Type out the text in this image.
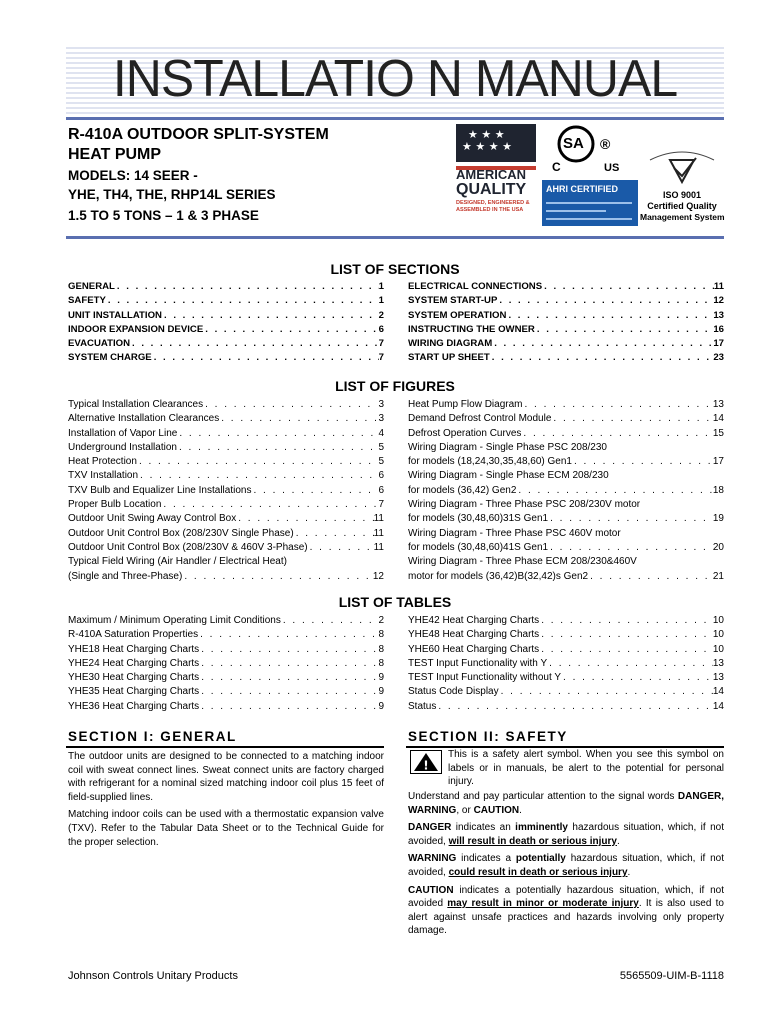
INSTALLATIO N MANUAL
R-410A OUTDOOR SPLIT-SYSTEM
HEAT PUMP
MODELS: 14 SEER -
YHE, TH4, THE, RHP14L SERIES
1.5 TO 5 TONS – 1 & 3 PHASE
★ ★ ★
★ ★ ★ ★
AMERICAN
QUALITY
DESIGNED, ENGINEERED &
ASSEMBLED IN THE USA
SA
C	US
®
AHRI CERTIFIED
ISO 9001
Certified Quality
Management System
LIST OF SECTIONS
GENERAL . . .	1
SAFETY . . .	1
UNIT INSTALLATION . . .	2
INDOOR EXPANSION DEVICE . . .	6
EVACUATION . . .	7
SYSTEM CHARGE . . .	7
ELECTRICAL CONNECTIONS . . .	11
SYSTEM START-UP . . .	12
SYSTEM OPERATION . . .	13
INSTRUCTING THE OWNER . . .	16
WIRING DIAGRAM . . .	17
START UP SHEET . . .	23
LIST OF FIGURES
Typical Installation Clearances . . .	3
Alternative Installation Clearances . . .	3
Installation of Vapor Line . . .	4
Underground Installation . . .	5
Heat Protection . . .	5
TXV Installation . . .	6
TXV Bulb and Equalizer Line Installations . . .	6
Proper Bulb Location . . .	7
Outdoor Unit Swing Away Control Box . . .	11
Outdoor Unit Control Box (208/230V Single Phase) . . .	11
Outdoor Unit Control Box (208/230V & 460V 3-Phase) . . .	11
Typical Field Wiring (Air Handler / Electrical Heat)
(Single and Three-Phase) . . .	12
Heat Pump Flow Diagram . . .	13
Demand Defrost Control Module . . .	14
Defrost Operation Curves . . .	15
Wiring Diagram - Single Phase PSC 208/230
for models (18,24,30,35,48,60) Gen1 . . .	17
Wiring Diagram - Single Phase ECM 208/230
for models (36,42) Gen2 . . .	18
Wiring Diagram - Three Phase PSC 208/230V motor
for models (30,48,60)31S Gen1 . . .	19
Wiring Diagram - Three Phase PSC 460V motor
for models (30,48,60)41S Gen1 . . .	20
Wiring Diagram - Three Phase ECM 208/230&460V
motor for models (36,42)B(32,42)s Gen2 . . .	21
LIST OF TABLES
Maximum / Minimum Operating Limit Conditions . . .	2
R-410A Saturation Properties . . .	8
YHE18 Heat Charging Charts . . .	8
YHE24 Heat Charging Charts . . .	8
YHE30 Heat Charging Charts . . .	9
YHE35 Heat Charging Charts . . .	9
YHE36 Heat Charging Charts . . .	9
YHE42 Heat Charging Charts . . .	10
YHE48 Heat Charging Charts . . .	10
YHE60 Heat Charging Charts . . .	10
TEST Input Functionality with Y . . .	13
TEST Input Functionality without Y . . .	13
Status Code Display . . .	14
Status . . .	14
SECTION I: GENERAL

The outdoor units are designed to be connected to a matching indoor coil with sweat connect lines. Sweat connect units are factory charged with refrigerant for a nominal sized matching indoor coil plus 15 feet of field-supplied lines.

Matching indoor coils can be used with a thermostatic expansion valve (TXV). Refer to the Tabular Data Sheet or to the Technical Guide for the proper selection.

SECTION II: SAFETY
!
This is a safety alert symbol. When you see this symbol on labels or in manuals, be alert to the potential for personal injury.

Understand and pay particular attention to the signal words DANGER, WARNING, or CAUTION.

DANGER indicates an imminently hazardous situation, which, if not avoided, will result in death or serious injury.

WARNING indicates a potentially hazardous situation, which, if not avoided, could result in death or serious injury.

CAUTION indicates a potentially hazardous situation, which, if not avoided may result in minor or moderate injury. It is also used to alert against unsafe practices and hazards involving only property damage.

Johnson Controls Unitary Products	5565509-UIM-B-1118
